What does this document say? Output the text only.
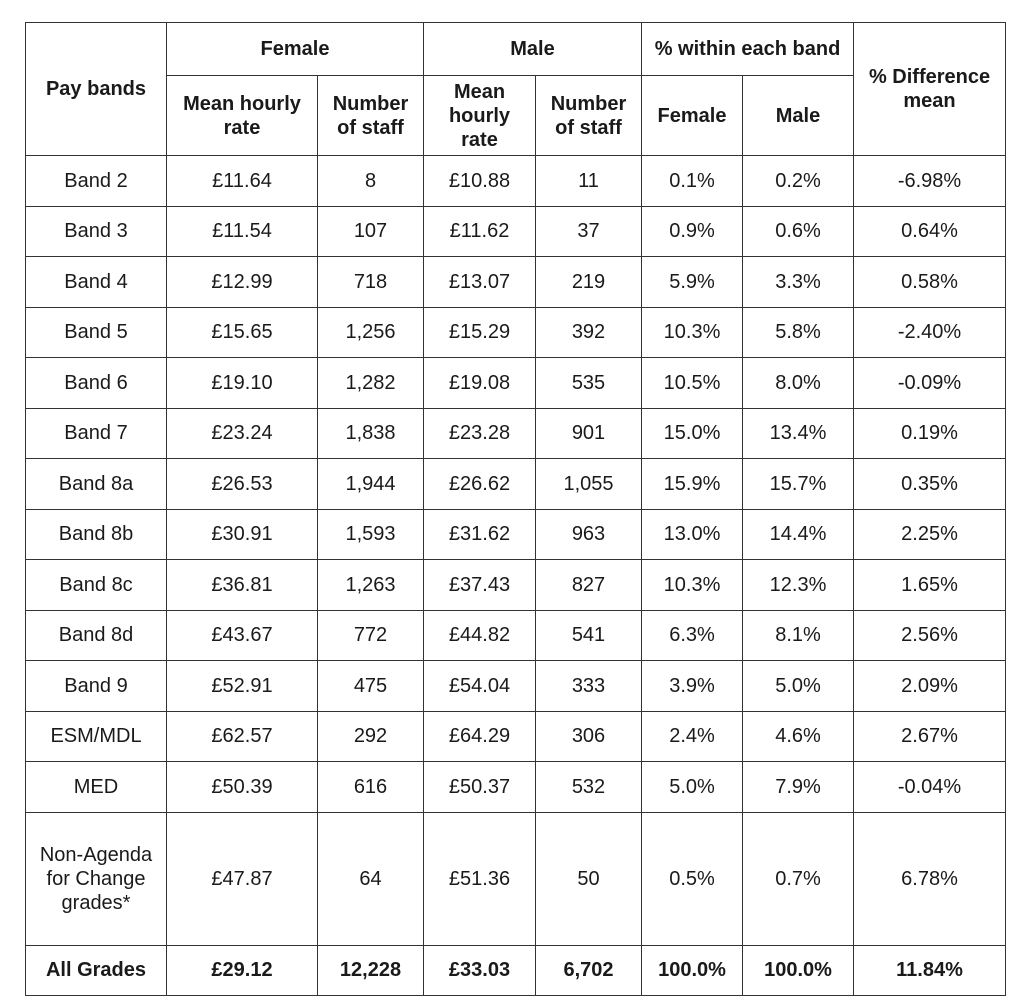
Pay bands	Female		Male		% within each band		% Difference mean
	Mean hourly rate	Number of staff	Mean hourly rate	Number of staff	Female	Male	
Band 2	£11.64	8	£10.88	11	0.1%	0.2%	-6.98%
Band 3	£11.54	107	£11.62	37	0.9%	0.6%	0.64%
Band 4	£12.99	718	£13.07	219	5.9%	3.3%	0.58%
Band 5	£15.65	1,256	£15.29	392	10.3%	5.8%	-2.40%
Band 6	£19.10	1,282	£19.08	535	10.5%	8.0%	-0.09%
Band 7	£23.24	1,838	£23.28	901	15.0%	13.4%	0.19%
Band 8a	£26.53	1,944	£26.62	1,055	15.9%	15.7%	0.35%
Band 8b	£30.91	1,593	£31.62	963	13.0%	14.4%	2.25%
Band 8c	£36.81	1,263	£37.43	827	10.3%	12.3%	1.65%
Band 8d	£43.67	772	£44.82	541	6.3%	8.1%	2.56%
Band 9	£52.91	475	£54.04	333	3.9%	5.0%	2.09%
ESM/MDL	£62.57	292	£64.29	306	2.4%	4.6%	2.67%
MED	£50.39	616	£50.37	532	5.0%	7.9%	-0.04%
Non-Agenda for Change grades*	£47.87	64	£51.36	50	0.5%	0.7%	6.78%
All Grades	£29.12	12,228	£33.03	6,702	100.0%	100.0%	11.84%
